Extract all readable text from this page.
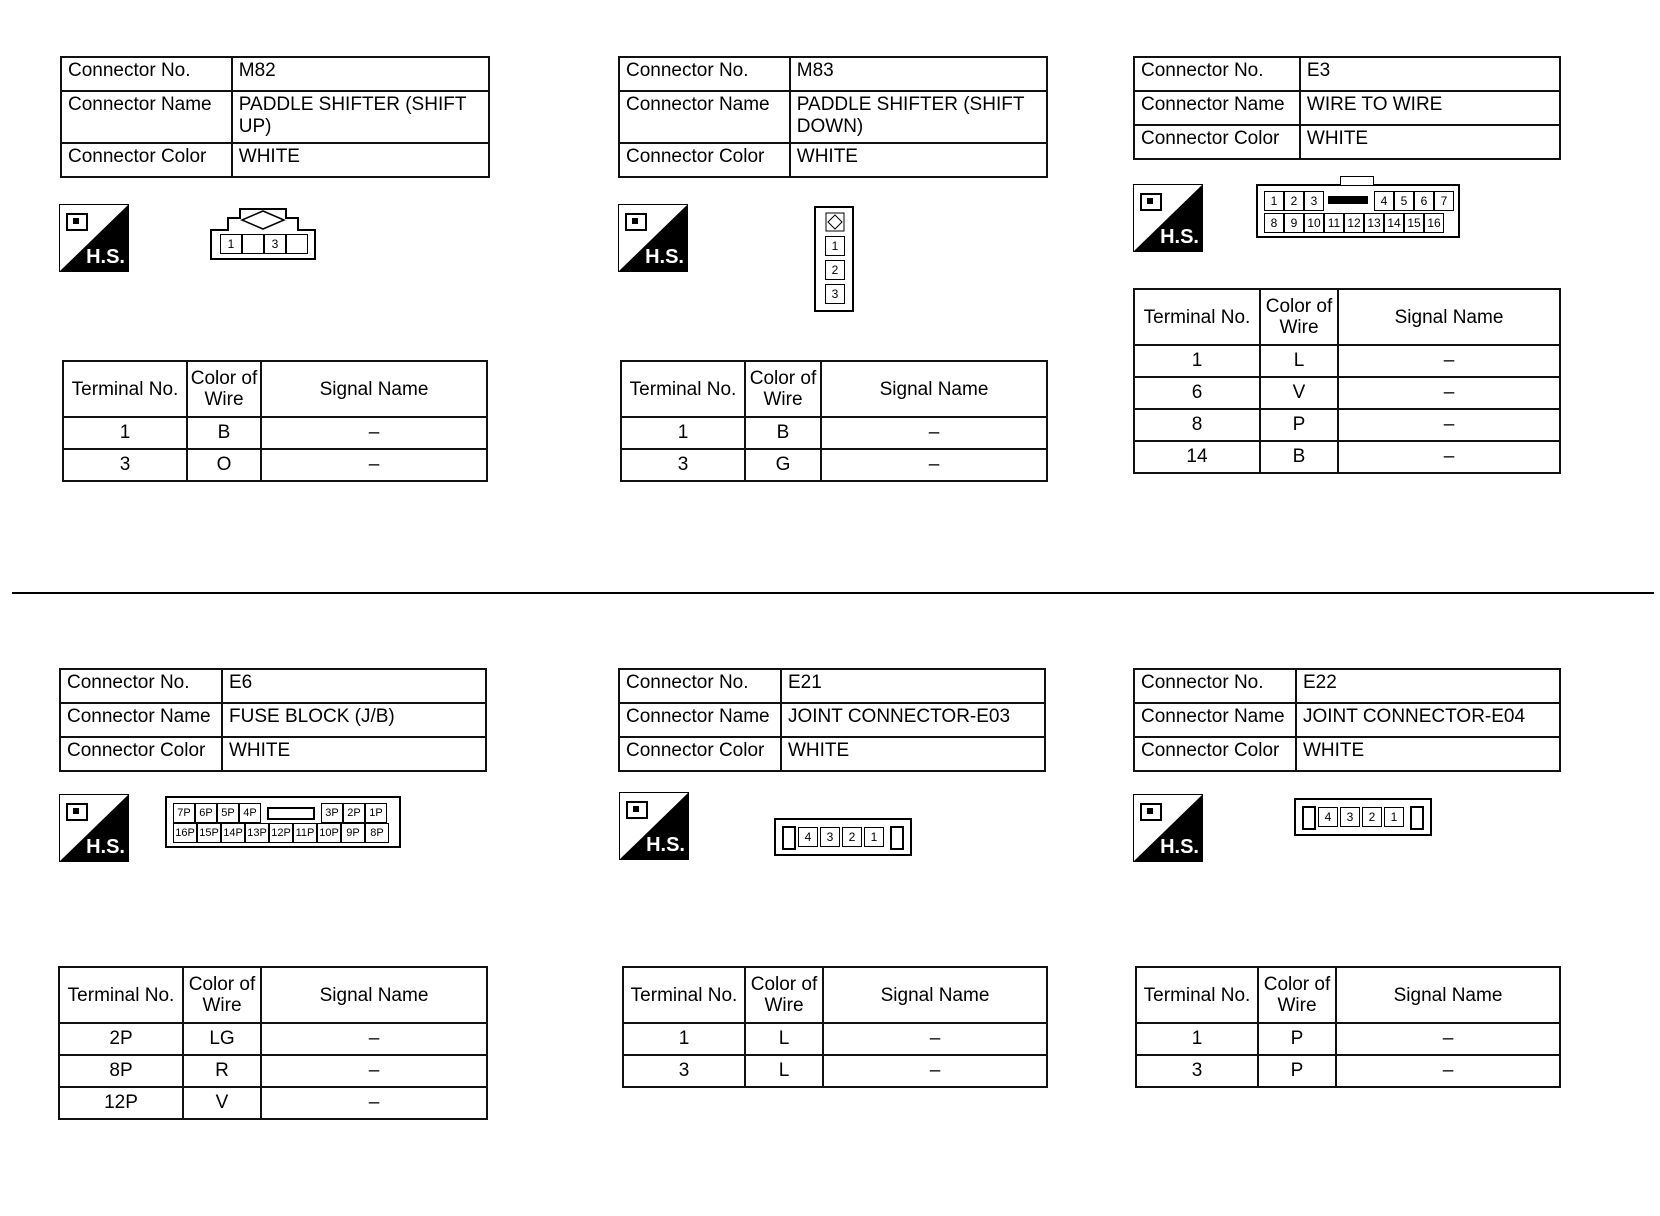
Connector No.	M82
Connector Name	PADDLE SHIFTER (SHIFT UP)
Connector Color	WHITE
H.S.
1	3
Terminal No.	Color of Wire	Signal Name
1	B	–
3	O	–
Connector No.	M83
Connector Name	PADDLE SHIFTER (SHIFT DOWN)
Connector Color	WHITE
H.S.	1
2
3
Terminal No.	Color of Wire	Signal Name
1	B	–
3	G	–
Connector No.	E3
Connector Name	WIRE TO WIRE
Connector Color	WHITE
H.S.
1	2	3	4	5	6	7
8	9 10 11 12 13 14 15 16
Terminal No.	Color of Wire	Signal Name
1	L	–
6	V	–
8	P	–
14	B	–
Connector No.	E6
Connector Name	FUSE BLOCK (J/B)
Connector Color	WHITE
H.S.
7P 6P 5P 4P	3P 2P 1P
16P 15P 14P 13P 12P 11P 10P 9P 8P
Terminal No.	Color of Wire	Signal Name
2P	LG	–
8P	R	–
12P	V	–
Connector No.	E21
Connector Name	JOINT CONNECTOR-E03
Connector Color	WHITE
H.S.	4	3	2	1
Terminal No.	Color of Wire	Signal Name
1	L	–
3	L	–
Connector No.	E22
Connector Name	JOINT CONNECTOR-E04
Connector Color	WHITE
H.S.
4	3	2	1
Terminal No.	Color of Wire	Signal Name
1	P	–
3	P	–
